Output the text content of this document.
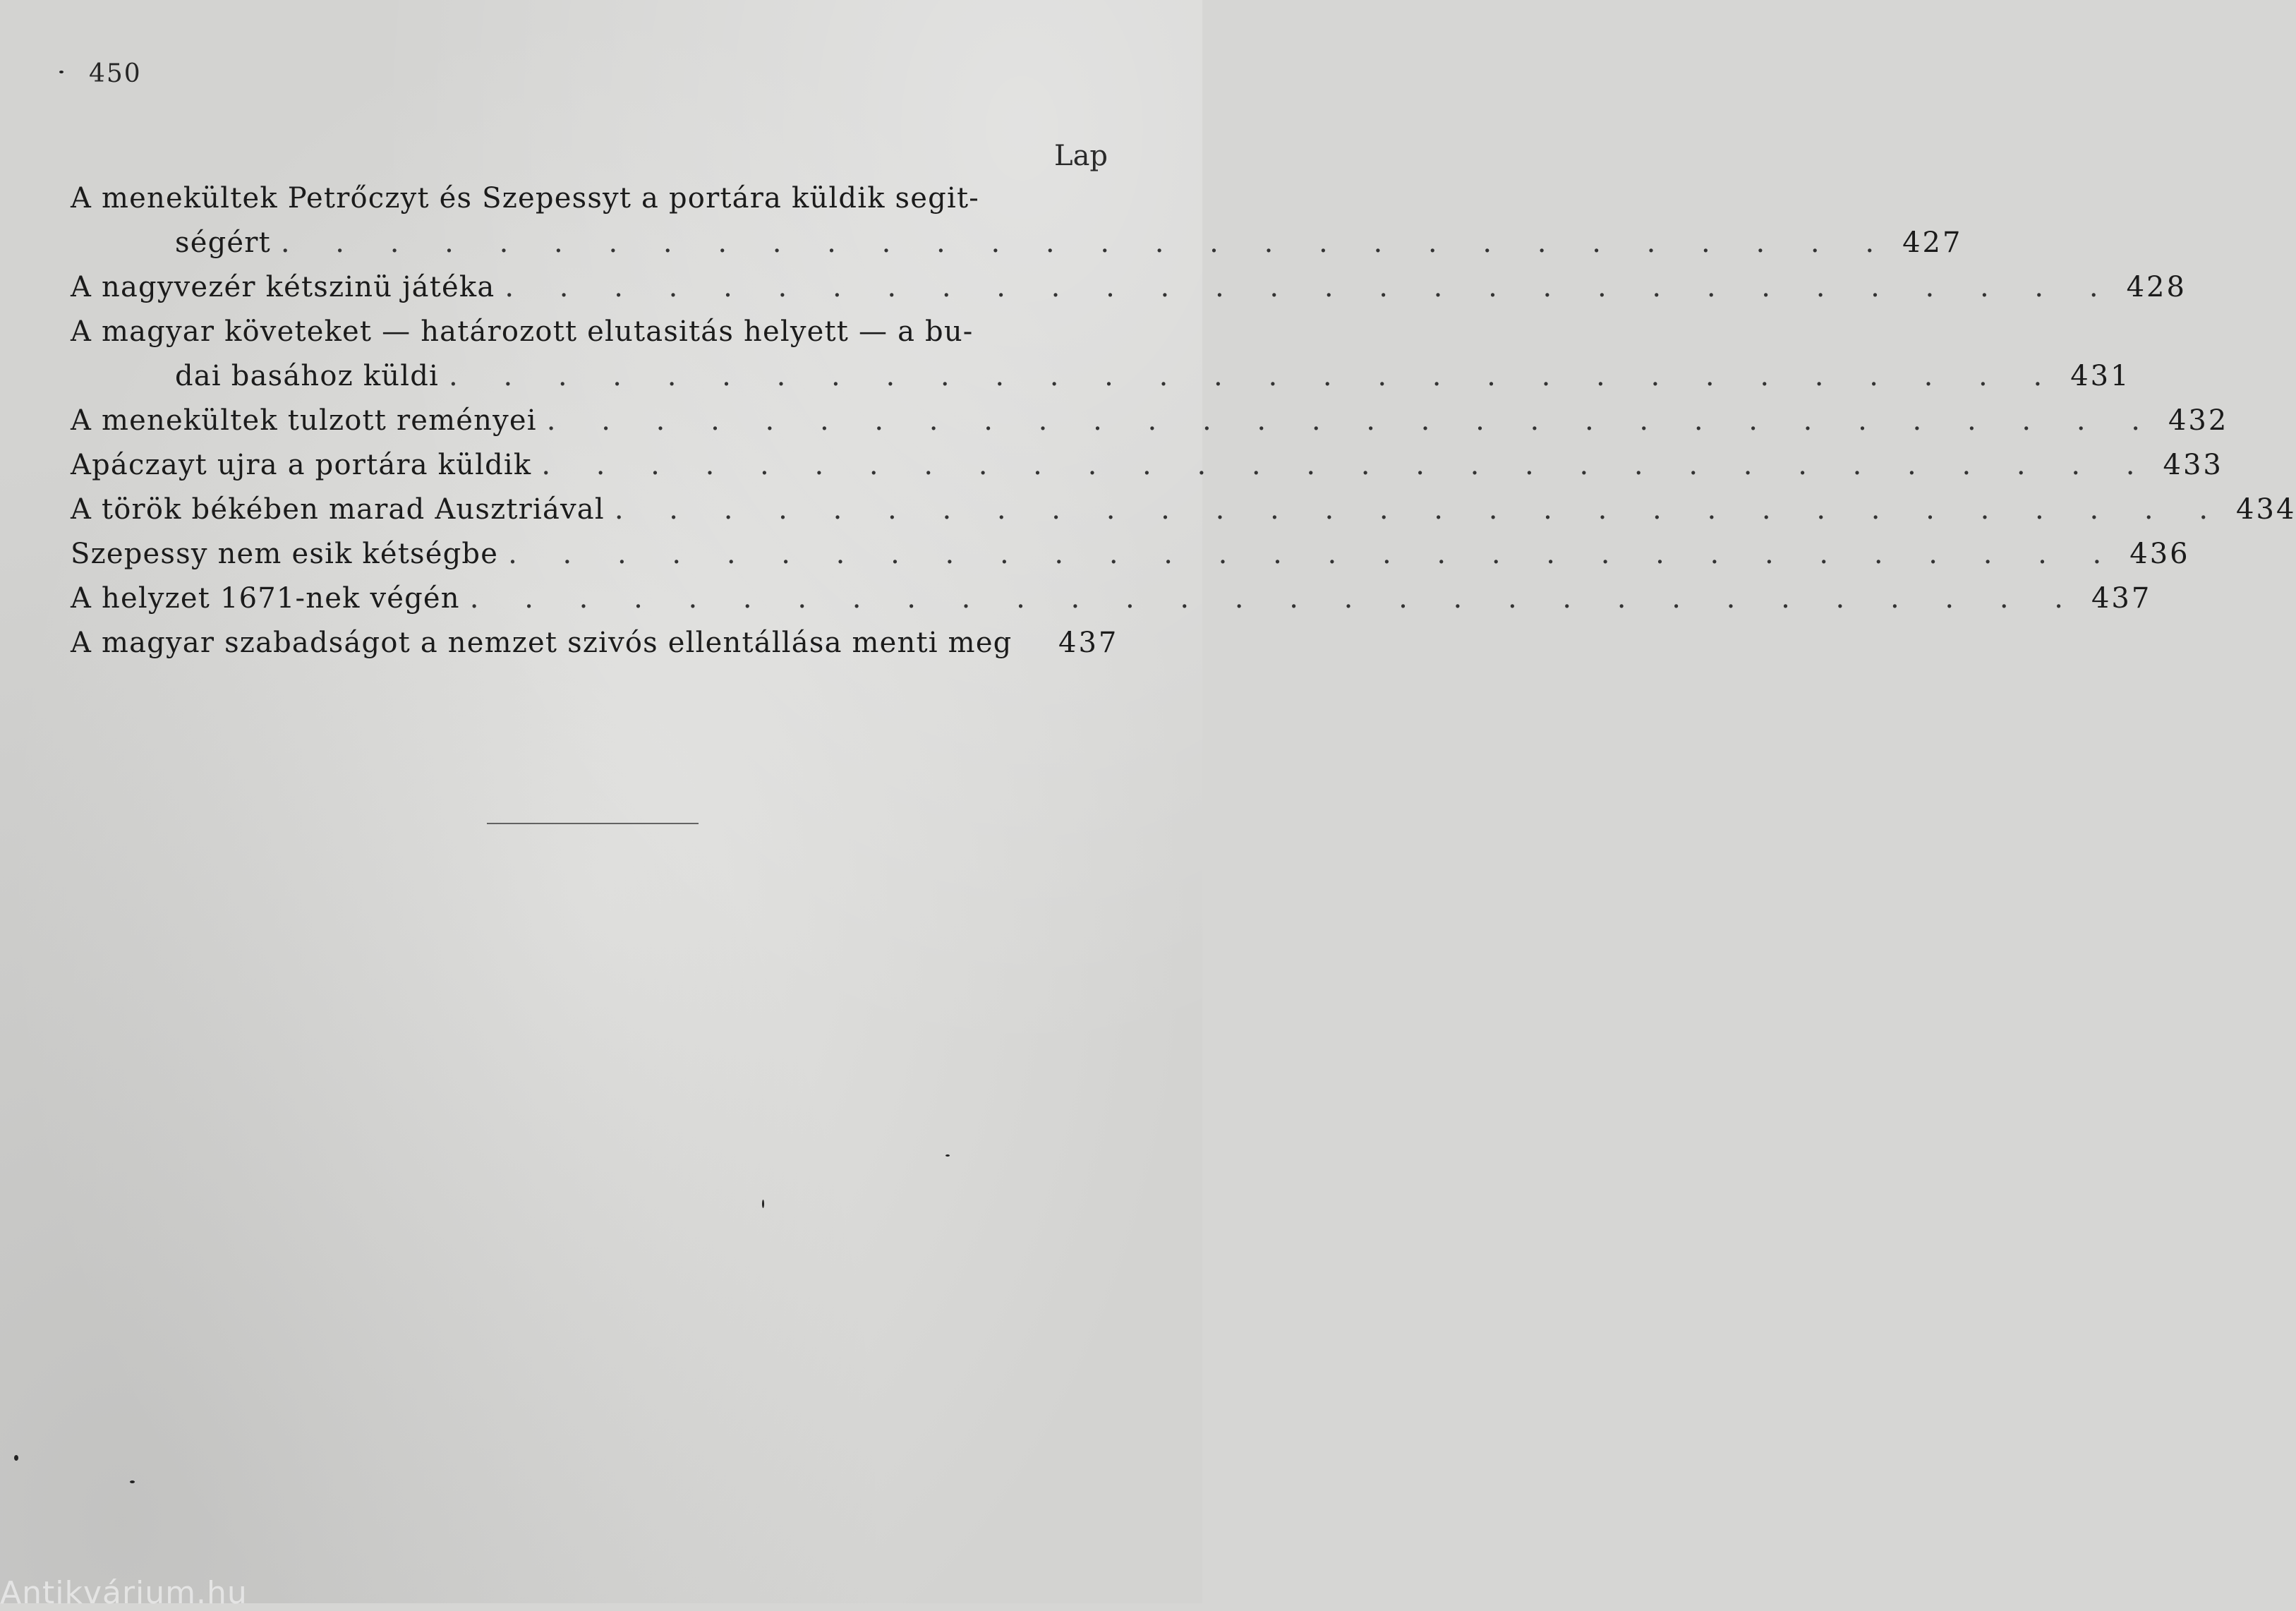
450
Lap
A menekültek Petrőczyt és Szepessyt a portára küldik segit-
ségért . . . . . . . . . . . . . . . . . . . . . . . . . . . . . . 427
A nagyvezér kétszinü játéka . . . . . . . . . . . . . . . . . . . . . . . . . . . . . . 428
A magyar követeket — határozott elutasitás helyett — a bu-
dai basához küldi . . . . . . . . . . . . . . . . . . . . . . . . . . . . . . 431
A menekültek tulzott reményei . . . . . . . . . . . . . . . . . . . . . . . . . . . . . . 432
Apáczayt ujra a portára küldik . . . . . . . . . . . . . . . . . . . . . . . . . . . . . . 433
A török békében marad Ausztriával . . . . . . . . . . . . . . . . . . . . . . . . . . . . . . 434
Szepessy nem esik kétségbe . . . . . . . . . . . . . . . . . . . . . . . . . . . . . . 436
A helyzet 1671-nek végén . . . . . . . . . . . . . . . . . . . . . . . . . . . . . . 437
A magyar szabadságot a nemzet szivós ellentállása menti meg 437
Antikvárium.hu
